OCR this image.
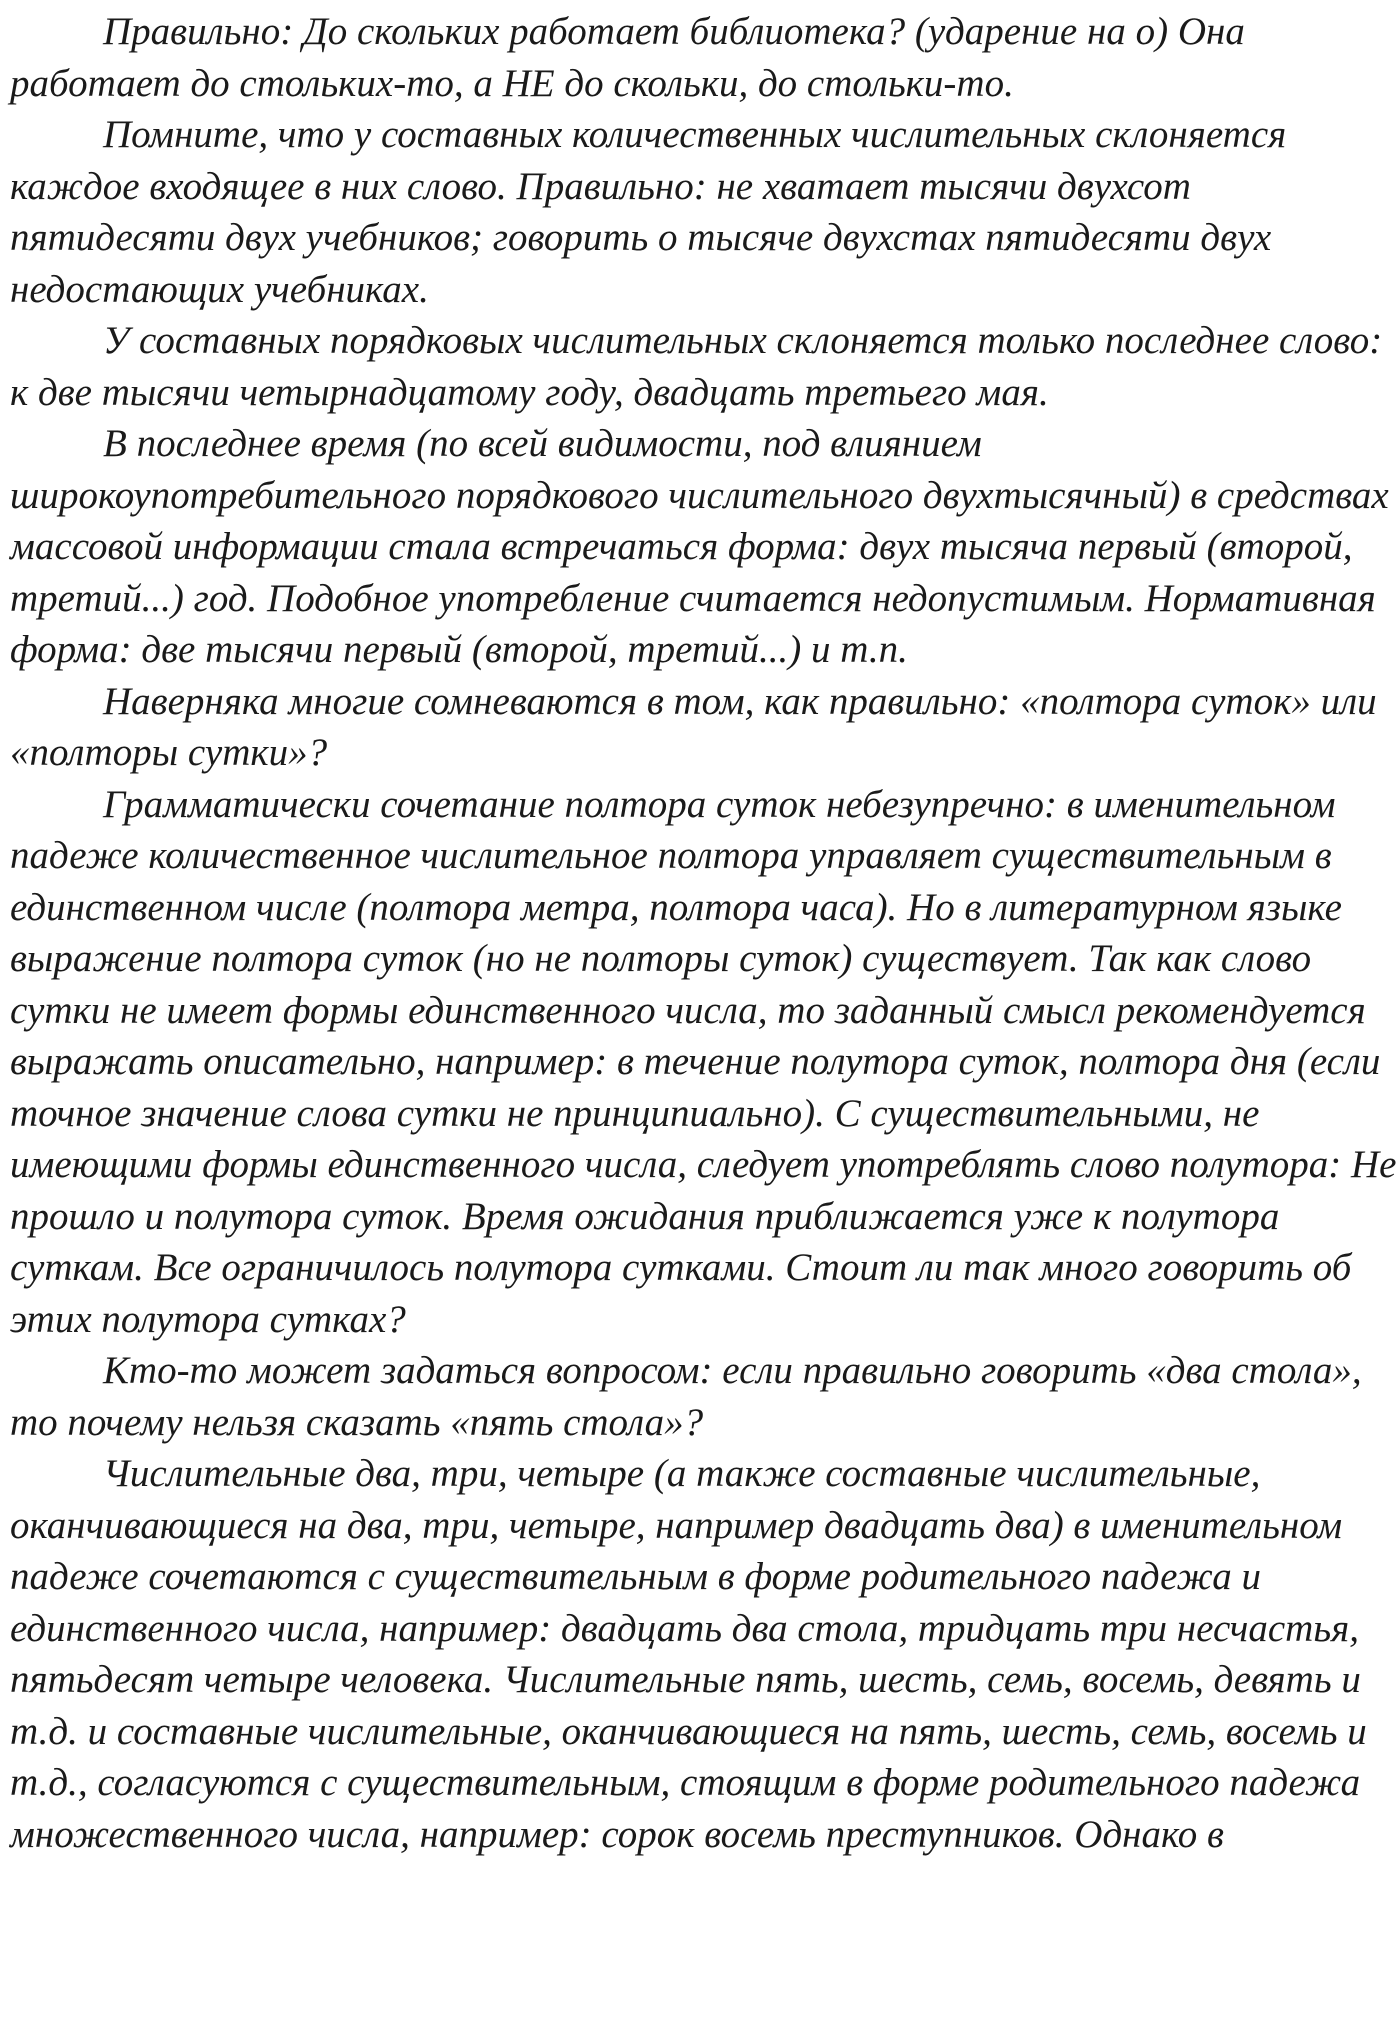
Правильно: До скольких работает библиотека? (ударение на о) Она работает до стольких-то, а НЕ до скольки, до стольки-то.

Помните, что у составных количественных числительных склоняется каждое входящее в них слово. Правильно: не хватает тысячи двухсот пятидесяти двух учебников; говорить о тысяче двухстах пятидесяти двух недостающих учебниках.

У составных порядковых числительных склоняется только последнее слово: к две тысячи четырнадцатому году, двадцать третьего мая.

В последнее время (по всей видимости, под влиянием широкоупотребительного порядкового числительного двухтысячный) в средствах массовой информации стала встречаться форма: двух тысяча первый (второй, третий...) год. Подобное употребление считается недопустимым. Нормативная форма: две тысячи первый (второй, третий...) и т.п.

Наверняка многие сомневаются в том, как правильно: «полтора суток» или «полторы сутки»?

Грамматически сочетание полтора суток небезупречно: в именительном падеже количественное числительное полтора управляет существительным в единственном числе (полтора метра, полтора часа). Но в литературном языке выражение полтора суток (но не полторы суток) существует. Так как слово сутки не имеет формы единственного числа, то заданный смысл рекомендуется выражать описательно, например: в течение полутора суток, полтора дня (если точное значение слова сутки не принципиально). С существительными, не имеющими формы единственного числа, следует употреблять слово полутора: Не прошло и полутора суток. Время ожидания приближается уже к полутора суткам. Все ограничилось полутора сутками. Стоит ли так много говорить об этих полутора сутках?

Кто-то может задаться вопросом: если правильно говорить «два стола», то почему нельзя сказать «пять стола»?

Числительные два, три, четыре (а также составные числительные, оканчивающиеся на два, три, четыре, например двадцать два) в именительном падеже сочетаются с существительным в форме родительного падежа и единственного числа, например: двадцать два стола, тридцать три несчастья, пятьдесят четыре человека. Числительные пять, шесть, семь, восемь, девять и т.д. и составные числительные, оканчивающиеся на пять, шесть, семь, восемь и т.д., согласуются с существительным, стоящим в форме родительного падежа множественного числа, например: сорок восемь преступников. Однако в
